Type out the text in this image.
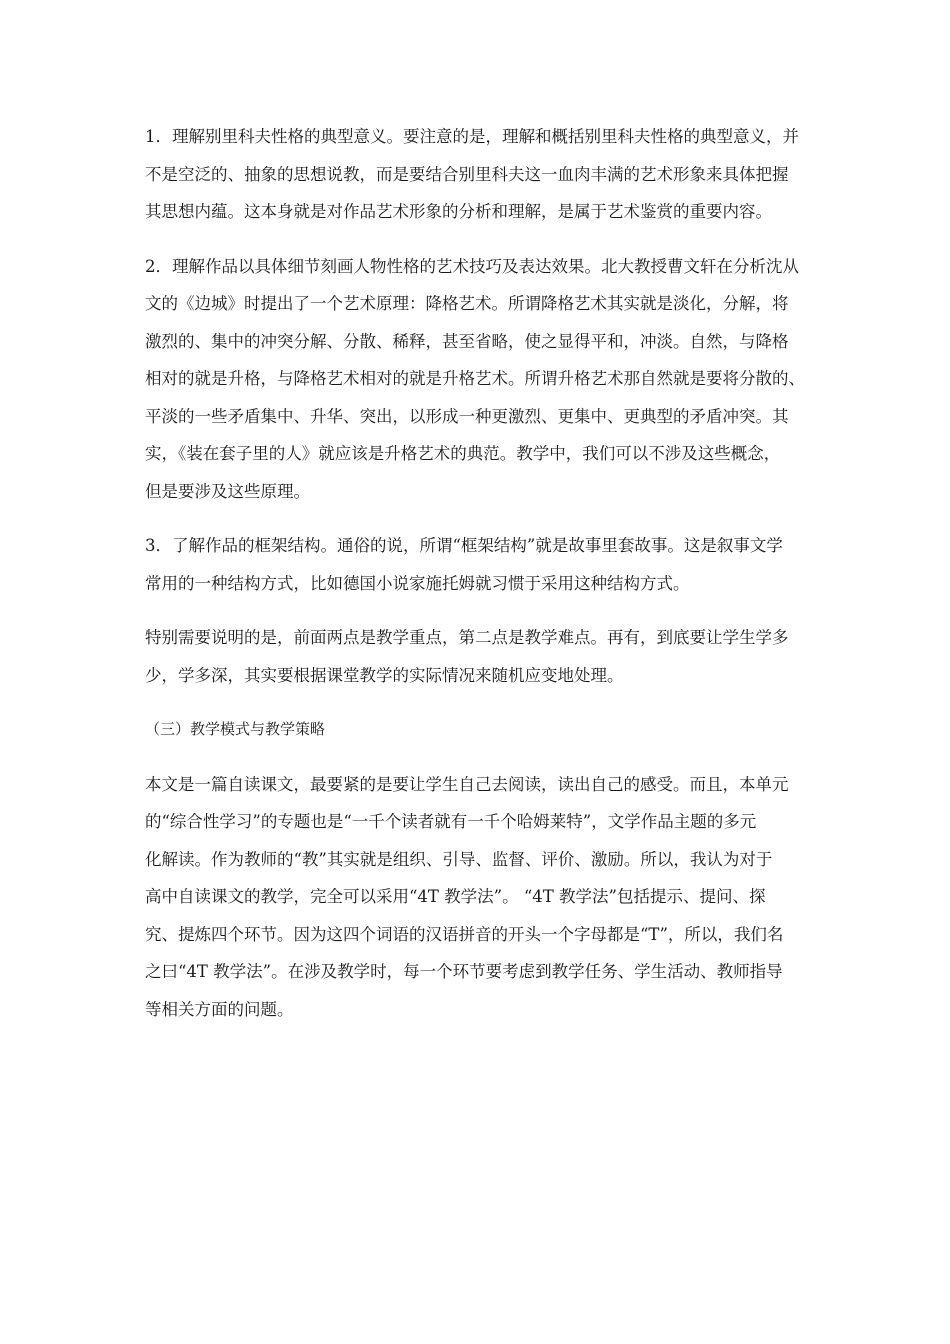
1．理解别里科夫性格的典型意义。要注意的是，理解和概括别里科夫性格的典型意义，并
不是空泛的、抽象的思想说教，而是要结合别里科夫这一血肉丰满的艺术形象来具体把握
其思想内蕴。这本身就是对作品艺术形象的分析和理解，是属于艺术鉴赏的重要内容。

2．理解作品以具体细节刻画人物性格的艺术技巧及表达效果。北大教授曹文轩在分析沈从
文的《边城》时提出了一个艺术原理：降格艺术。所谓降格艺术其实就是淡化，分解，将
激烈的、集中的冲突分解、分散、稀释，甚至省略，使之显得平和，冲淡。自然，与降格
相对的就是升格，与降格艺术相对的就是升格艺术。所谓升格艺术那自然就是要将分散的、
平淡的一些矛盾集中、升华、突出，以形成一种更激烈、更集中、更典型的矛盾冲突。其
实，《装在套子里的人》就应该是升格艺术的典范。教学中，我们可以不涉及这些概念，
但是要涉及这些原理。

3．了解作品的框架结构。通俗的说，所谓“框架结构”就是故事里套故事。这是叙事文学
常用的一种结构方式，比如德国小说家施托姆就习惯于采用这种结构方式。

特别需要说明的是，前面两点是教学重点，第二点是教学难点。再有，到底要让学生学多
少，学多深，其实要根据课堂教学的实际情况来随机应变地处理。

（三）教学模式与教学策略

本文是一篇自读课文，最要紧的是要让学生自己去阅读，读出自己的感受。而且，本单元
的“综合性学习”的专题也是“一千个读者就有一千个哈姆莱特”，文学作品主题的多元
化解读。作为教师的“教”其实就是组织、引导、监督、评价、激励。所以，我认为对于
高中自读课文的教学，完全可以采用“4T 教学法”。 “4T 教学法”包括提示、提问、探
究、提炼四个环节。因为这四个词语的汉语拼音的开头一个字母都是“T”，所以，我们名
之曰“4T 教学法”。在涉及教学时，每一个环节要考虑到教学任务、学生活动、教师指导
等相关方面的问题。
